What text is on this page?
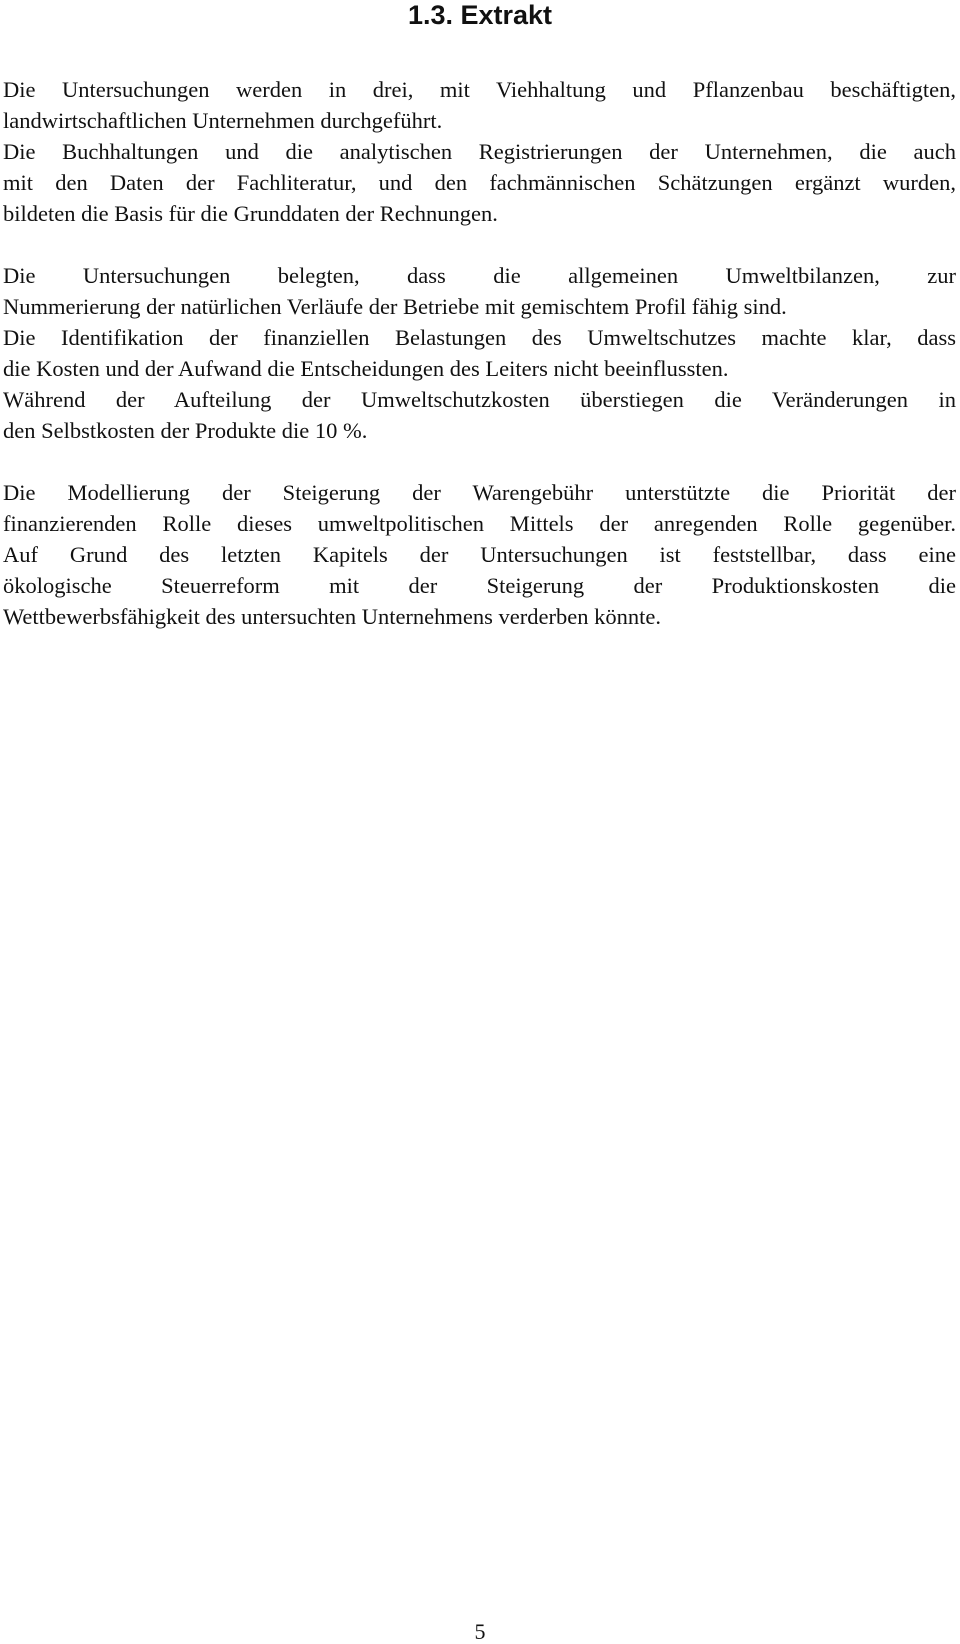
1.3. Extrakt

Die Untersuchungen werden in drei, mit Viehhaltung und Pflanzenbau beschäftigten,
landwirtschaftlichen Unternehmen durchgeführt.
Die Buchhaltungen und die analytischen Registrierungen der Unternehmen, die auch
mit den Daten der Fachliteratur, und den fachmännischen Schätzungen ergänzt wurden,
bildeten die Basis für die Grunddaten der Rechnungen.

Die Untersuchungen belegten, dass die allgemeinen Umweltbilanzen, zur
Nummerierung der natürlichen Verläufe der Betriebe mit gemischtem Profil fähig sind.
Die Identifikation der finanziellen Belastungen des Umweltschutzes machte klar, dass
die Kosten und der Aufwand die Entscheidungen des Leiters nicht beeinflussten.
Während der Aufteilung der Umweltschutzkosten überstiegen die Veränderungen in
den Selbstkosten der Produkte die 10 %.

Die Modellierung der Steigerung der Warengebühr unterstützte die Priorität der
finanzierenden Rolle dieses umweltpolitischen Mittels der anregenden Rolle gegenüber.
Auf Grund des letzten Kapitels der Untersuchungen ist feststellbar, dass eine
ökologische Steuerreform mit der Steigerung der Produktionskosten die
Wettbewerbsfähigkeit des untersuchten Unternehmens verderben könnte.

5
